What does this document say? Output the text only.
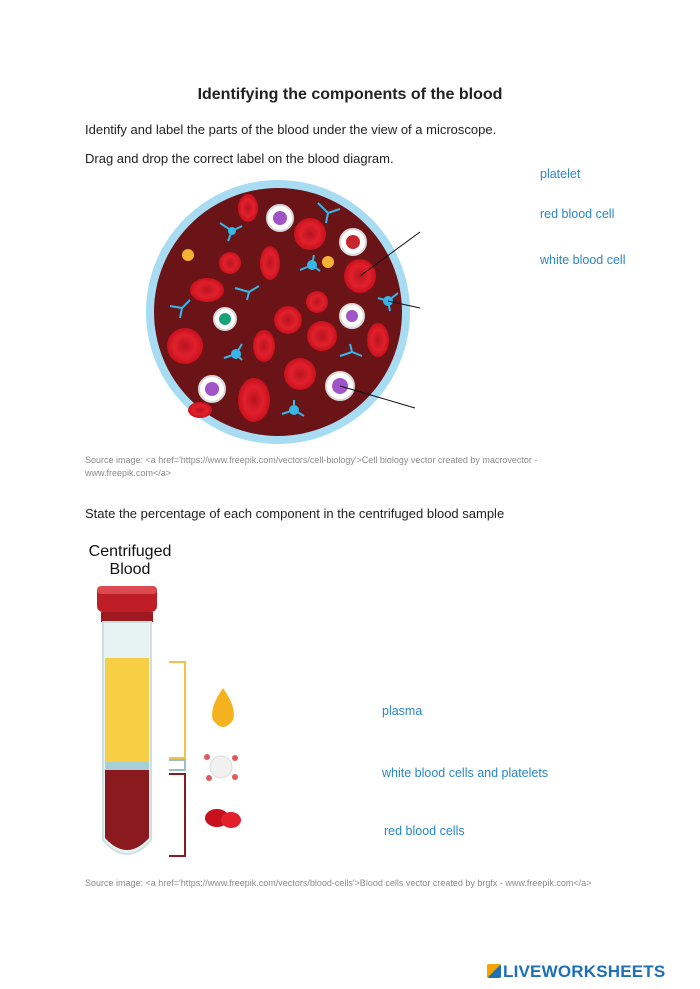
Identifying the components of the blood
Identify and label the parts of the blood under the view of a microscope.
Drag and drop the correct label on the blood diagram.
platelet
red blood cell
white blood cell
Source image: <a href='https://www.freepik.com/vectors/cell-biology'>Cell biology vector created by macrovector - www.freepik.com</a>
State the percentage of each component in the centrifuged blood sample
Centrifuged
Blood
plasma
white blood cells and platelets
red blood cells
Source image: <a href='https://www.freepik.com/vectors/blood-cells'>Blood cells vector created by brgfx - www.freepik.com</a>
LIVEWORKSHEETS
